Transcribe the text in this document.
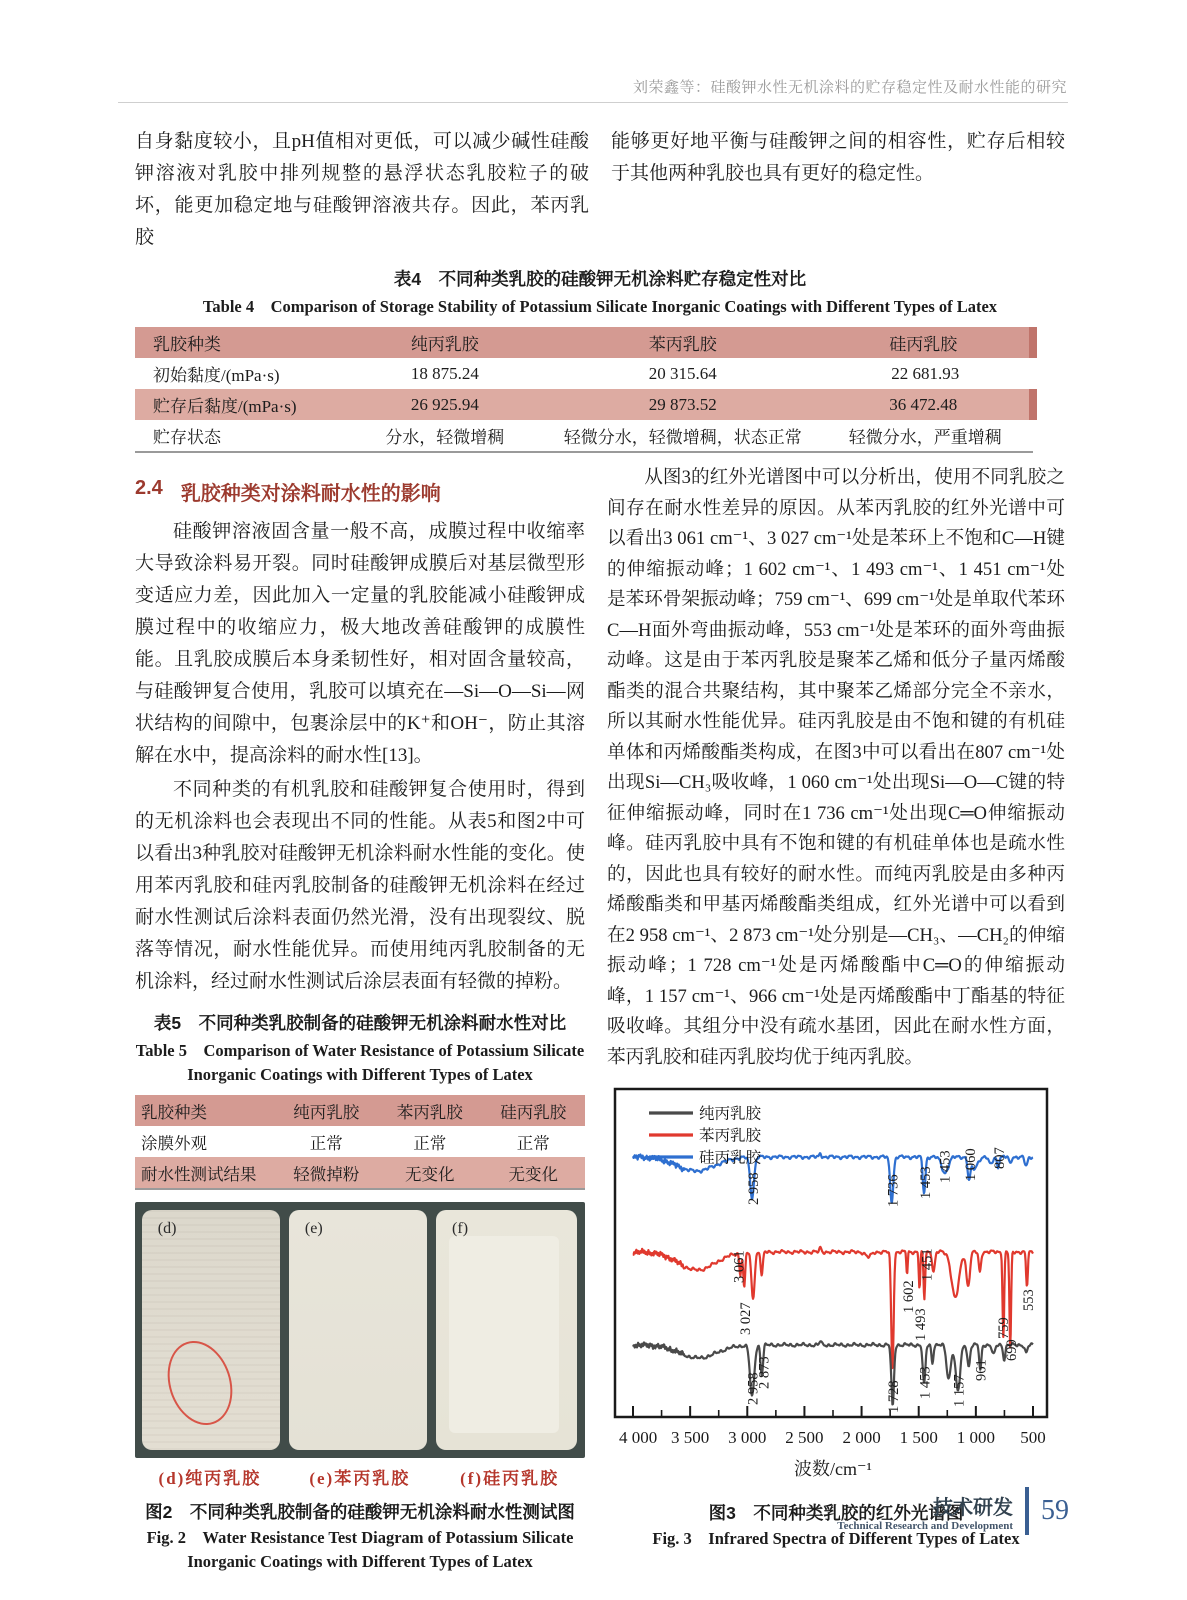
刘荣鑫等：硅酸钾水性无机涂料的贮存稳定性及耐水性能的研究

自身黏度较小，且pH值相对更低，可以减少碱性硅酸钾溶液对乳胶中排列规整的悬浮状态乳胶粒子的破坏，能更加稳定地与硅酸钾溶液共存。因此，苯丙乳胶

能够更好地平衡与硅酸钾之间的相容性，贮存后相较于其他两种乳胶也具有更好的稳定性。

表4　不同种类乳胶的硅酸钾无机涂料贮存稳定性对比
Table 4　Comparison of Storage Stability of Potassium Silicate Inorganic Coatings with Different Types of Latex
乳胶种类	纯丙乳胶	苯丙乳胶	硅丙乳胶
初始黏度/(mPa·s)	18 875.24	20 315.64	22 681.93
贮存后黏度/(mPa·s)	26 925.94	29 873.52	36 472.48
贮存状态	分水，轻微增稠	轻微分水，轻微增稠，状态正常	轻微分水，严重增稠
2.4 乳胶种类对涂料耐水性的影响

硅酸钾溶液固含量一般不高，成膜过程中收缩率大导致涂料易开裂。同时硅酸钾成膜后对基层微型形变适应力差，因此加入一定量的乳胶能减小硅酸钾成膜过程中的收缩应力，极大地改善硅酸钾的成膜性能。且乳胶成膜后本身柔韧性好，相对固含量较高，与硅酸钾复合使用，乳胶可以填充在—Si—O—Si—网状结构的间隙中，包裹涂层中的K⁺和OH⁻，防止其溶解在水中，提高涂料的耐水性[13]。

不同种类的有机乳胶和硅酸钾复合使用时，得到的无机涂料也会表现出不同的性能。从表5和图2中可以看出3种乳胶对硅酸钾无机涂料耐水性能的变化。使用苯丙乳胶和硅丙乳胶制备的硅酸钾无机涂料在经过耐水性测试后涂料表面仍然光滑，没有出现裂纹、脱落等情况，耐水性能优异。而使用纯丙乳胶制备的无机涂料，经过耐水性测试后涂层表面有轻微的掉粉。

表5　不同种类乳胶制备的硅酸钾无机涂料耐水性对比
Table 5　Comparison of Water Resistance of Potassium Silicate Inorganic Coatings with Different Types of Latex
乳胶种类	纯丙乳胶	苯丙乳胶	硅丙乳胶
涂膜外观	正常	正常	正常
耐水性测试结果	轻微掉粉	无变化	无变化
(d)	(e)	(f)
(d)纯丙乳胶	(e)苯丙乳胶	(f)硅丙乳胶
图2　不同种类乳胶制备的硅酸钾无机涂料耐水性测试图
Fig. 2　Water Resistance Test Diagram of Potassium Silicate Inorganic Coatings with Different Types of Latex

从图3的红外光谱图中可以分析出，使用不同乳胶之间存在耐水性差异的原因。从苯丙乳胶的红外光谱中可以看出3 061 cm⁻¹、3 027 cm⁻¹处是苯环上不饱和C—H键的伸缩振动峰；1 602 cm⁻¹、1 493 cm⁻¹、1 451 cm⁻¹处是苯环骨架振动峰；759 cm⁻¹、699 cm⁻¹处是单取代苯环C—H面外弯曲振动峰，553 cm⁻¹处是苯环的面外弯曲振动峰。这是由于苯丙乳胶是聚苯乙烯和低分子量丙烯酸酯类的混合共聚结构，其中聚苯乙烯部分完全不亲水，所以其耐水性能优异。硅丙乳胶是由不饱和键的有机硅单体和丙烯酸酯类构成，在图3中可以看出在807 cm⁻¹处出现Si—CH₃吸收峰，1 060 cm⁻¹处出现Si—O—C键的特征伸缩振动峰，同时在1 736 cm⁻¹处出现C═O伸缩振动峰。硅丙乳胶中具有不饱和键的有机硅单体也是疏水性的，因此也具有较好的耐水性。而纯丙乳胶是由多种丙烯酸酯类和甲基丙烯酸酯类组成，红外光谱中可以看到在2 958 cm⁻¹、2 873 cm⁻¹处分别是—CH₃、—CH₂的伸缩振动峰；1 728 cm⁻¹处是丙烯酸酯中C═O的伸缩振动峰，1 157 cm⁻¹、966 cm⁻¹处是丙烯酸酯中丁酯基的特征吸收峰。其组分中没有疏水基团，因此在耐水性方面，苯丙乳胶和硅丙乳胶均优于纯丙乳胶。

4 000 3 500 3 000 2 500 2 000 1 500 1 000 500
波数/cm⁻¹
2 958	1 736 1 453 1 453 1 060 807
3 061
3 027
1 602
1 493
1 451
759
699
553
2 958
2 873
1 728 1 453 1 157
961
纯丙乳胶
苯丙乳胶
硅丙乳胶
图3　不同种类乳胶的红外光谱图
Fig. 3　Infrared Spectra of Different Types of Latex
技术研发
Technical Research and Development 59
